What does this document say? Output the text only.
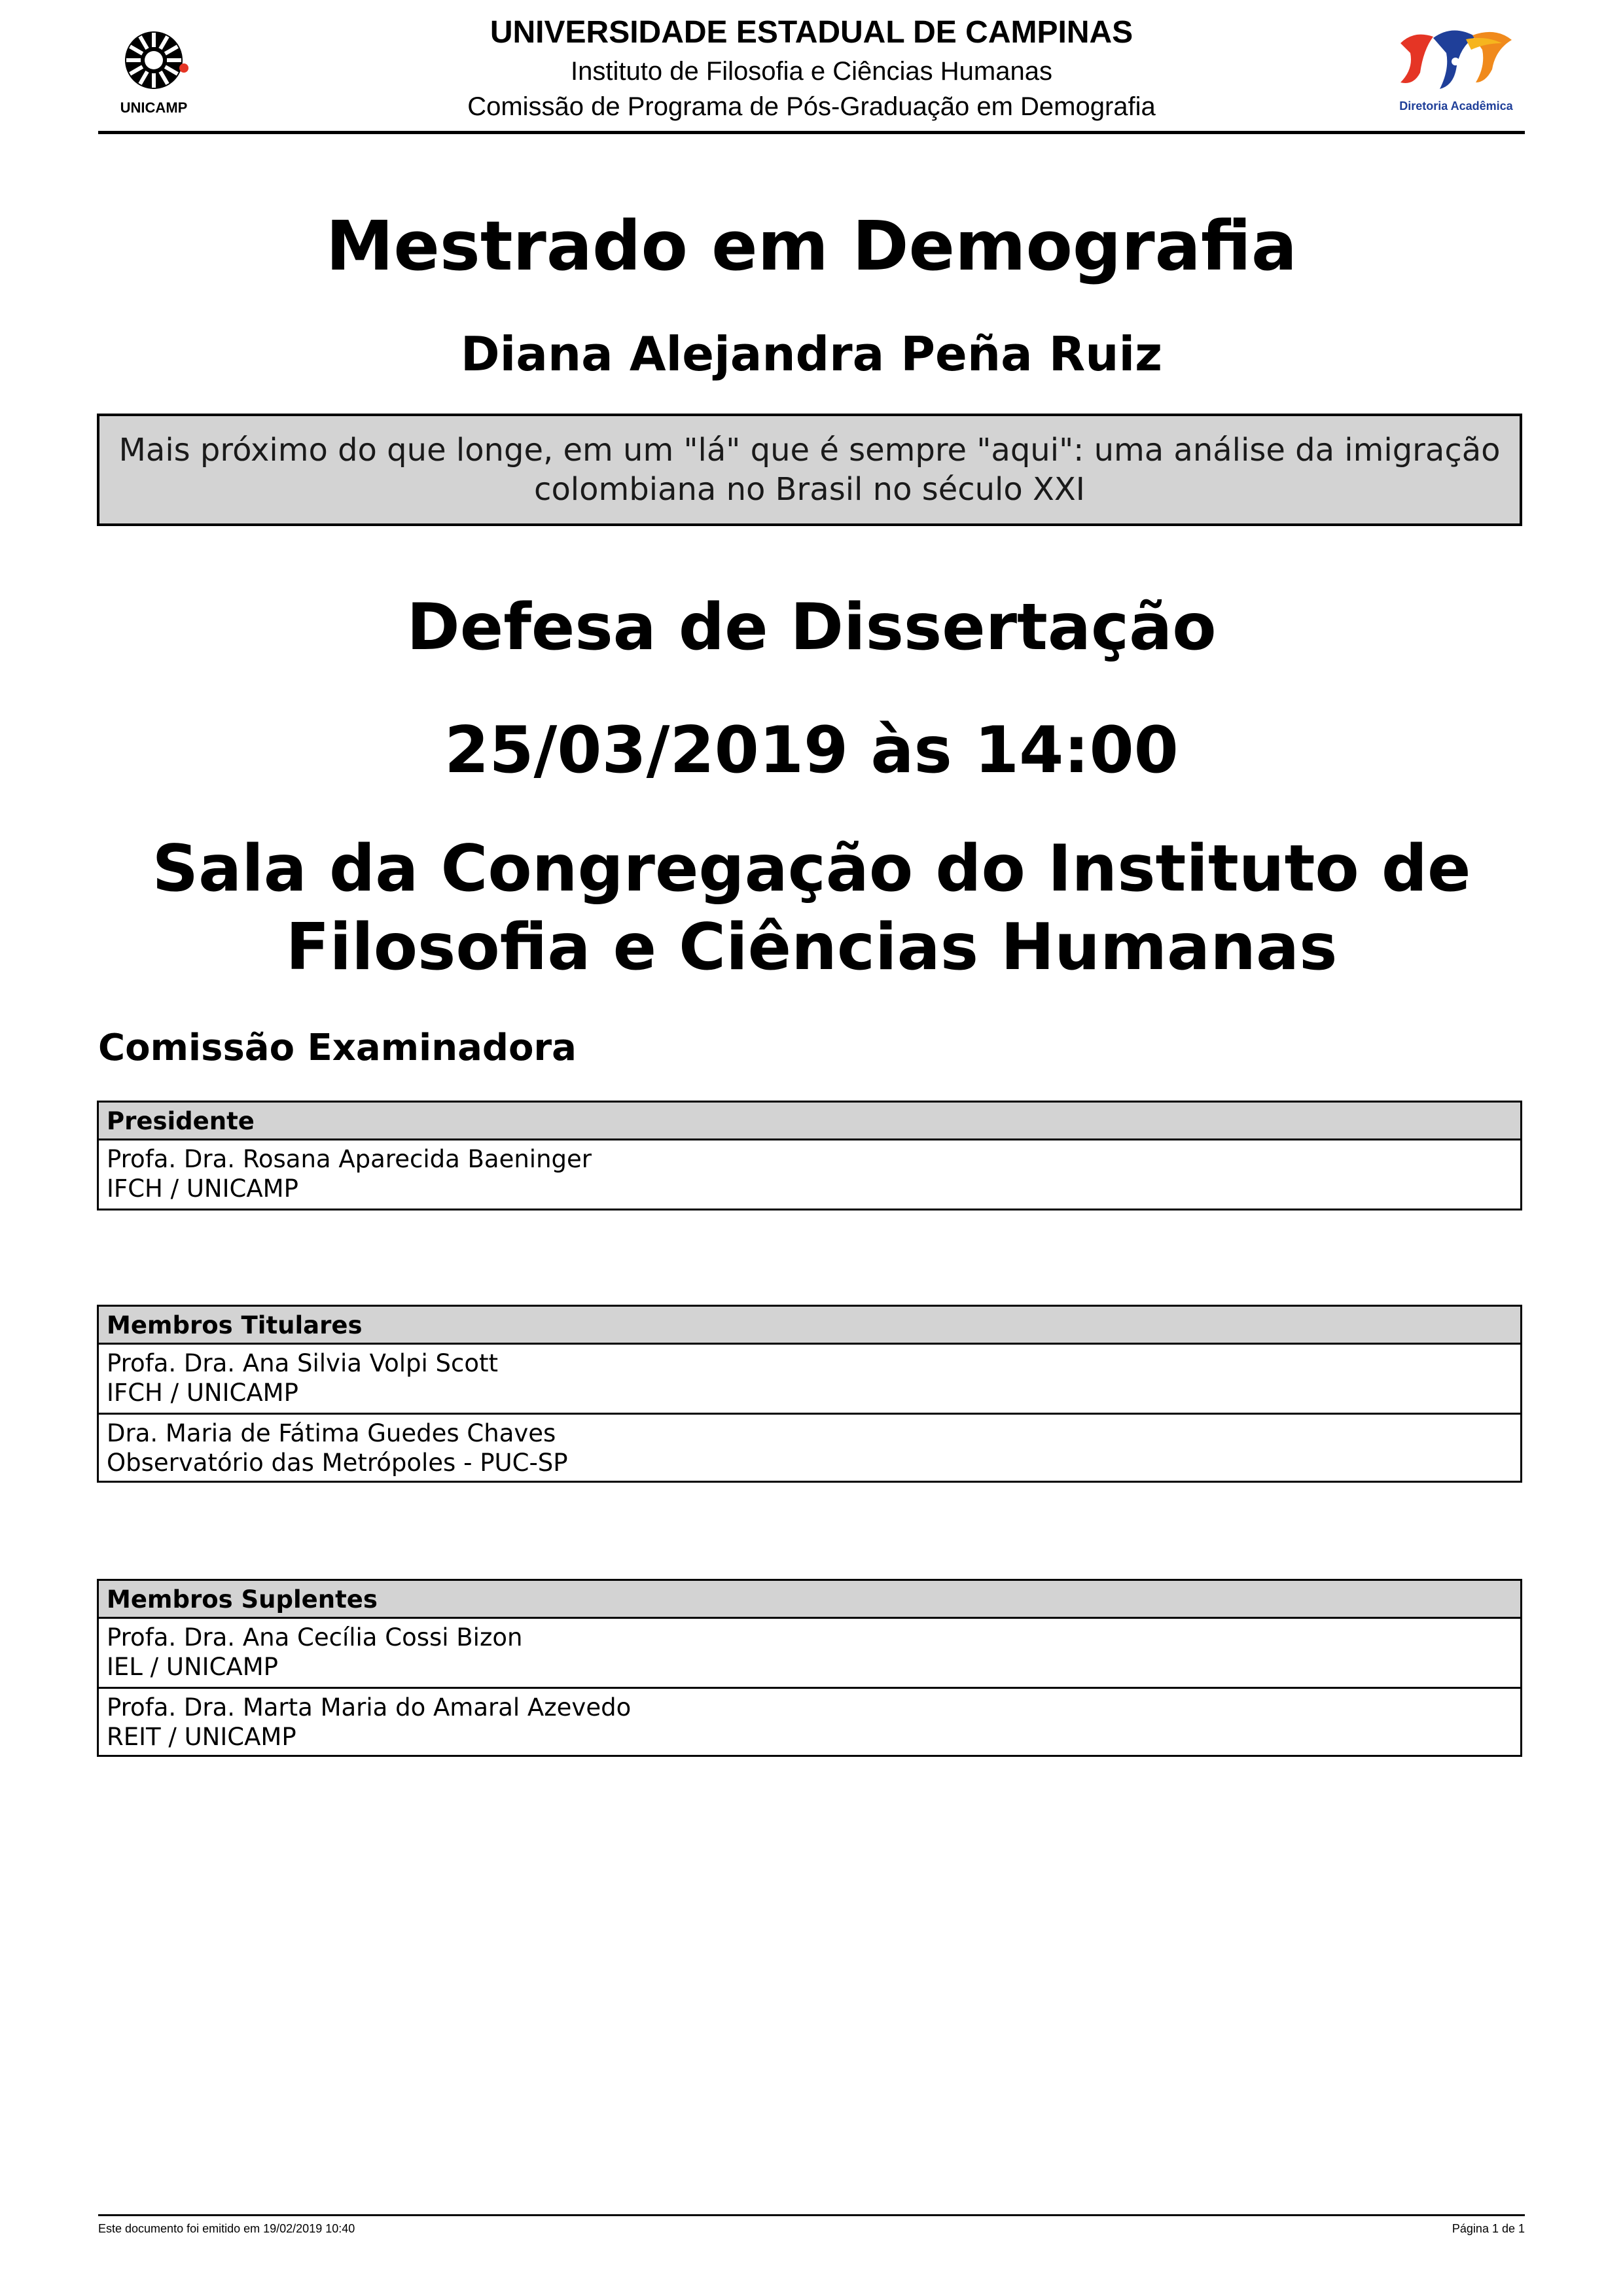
UNICAMP
UNIVERSIDADE ESTADUAL DE CAMPINAS
Instituto de Filosofia e Ciências Humanas
Comissão de Programa de Pós-Graduação em Demografia	Diretoria Acadêmica
Mestrado em Demografia
Diana Alejandra Peña Ruiz
Mais próximo do que longe, em um "lá" que é sempre "aqui": uma análise da imigração
colombiana no Brasil no século XXI
Defesa de Dissertação
25/03/2019 às 14:00
Sala da Congregação do Instituto de
Filosofia e Ciências Humanas
Comissão Examinadora
Presidente
Profa. Dra. Rosana Aparecida Baeninger
IFCH / UNICAMP
Membros Titulares
Profa. Dra. Ana Silvia Volpi Scott
IFCH / UNICAMP
Dra. Maria de Fátima Guedes Chaves
Observatório das Metrópoles - PUC-SP
Membros Suplentes
Profa. Dra. Ana Cecília Cossi Bizon
IEL / UNICAMP
Profa. Dra. Marta Maria do Amaral Azevedo
REIT / UNICAMP
Este documento foi emitido em 19/02/2019 10:40	Página 1 de 1
